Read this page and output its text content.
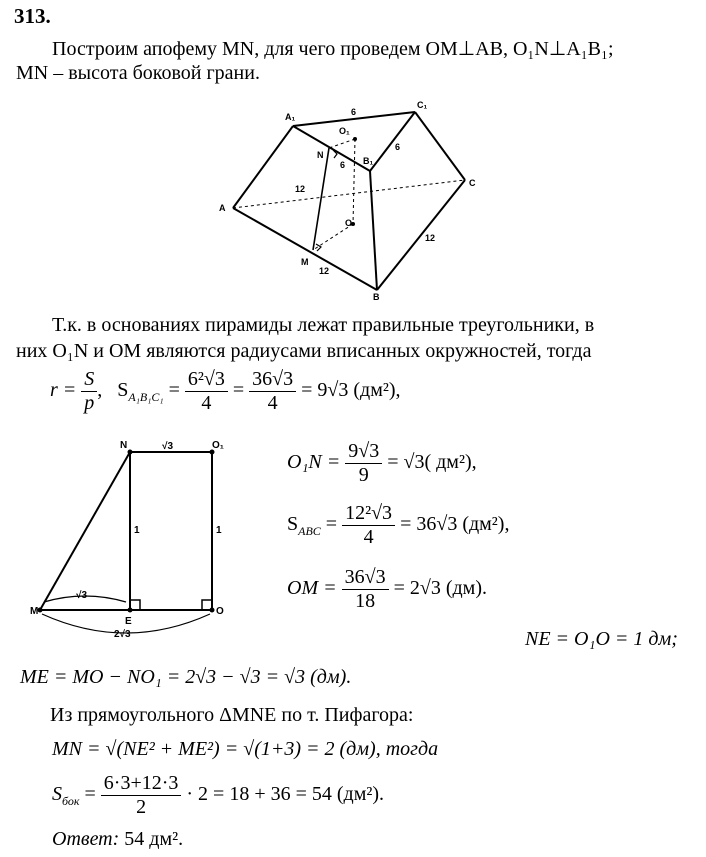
313.
Построим апофему MN, для чего проведем OM⊥AB, O₁N⊥A₁B₁;
MN – высота боковой грани.
A₁
C₁
O₁
N
B₁
A
C
O
M
B
6
6
6
12
12
12
Т.к. в основаниях пирамиды лежат правильные треугольники, в
них O₁N и OM являются радиусами вписанных окружностей, тогда
$r = \frac{S}{p}$ , $S_{A_1B_1C_1} = \frac{\text{6²√3}}{4} = \frac{36√3}{4} = 9√3$ (дм²),
N	O₁
M
E
O
√3
1	1
√3
2√3
$O_1N = \frac{9√3}{9} = √3$( дм²),
$S_{ABC} = \frac{\text{12²√3}}{4} = 36√3$ (дм²),
OM = $\frac{36√3}{18} = 2√3$ (дм).
NE = O₁O = 1 дм;
ME = MO − NO₁ = 2√3 − √3 = √3 (дм).
Из прямоугольного ΔMNE по т. Пифагора:
MN = √(NE² + ME²) = √(1+3) = 2 (дм), тогда
$S_{бок} = \frac{6\cdot 3+12\cdot 3}{2} \cdot 2 = 18 + 36 = 54$ (дм²).
Ответ: 54 дм².
